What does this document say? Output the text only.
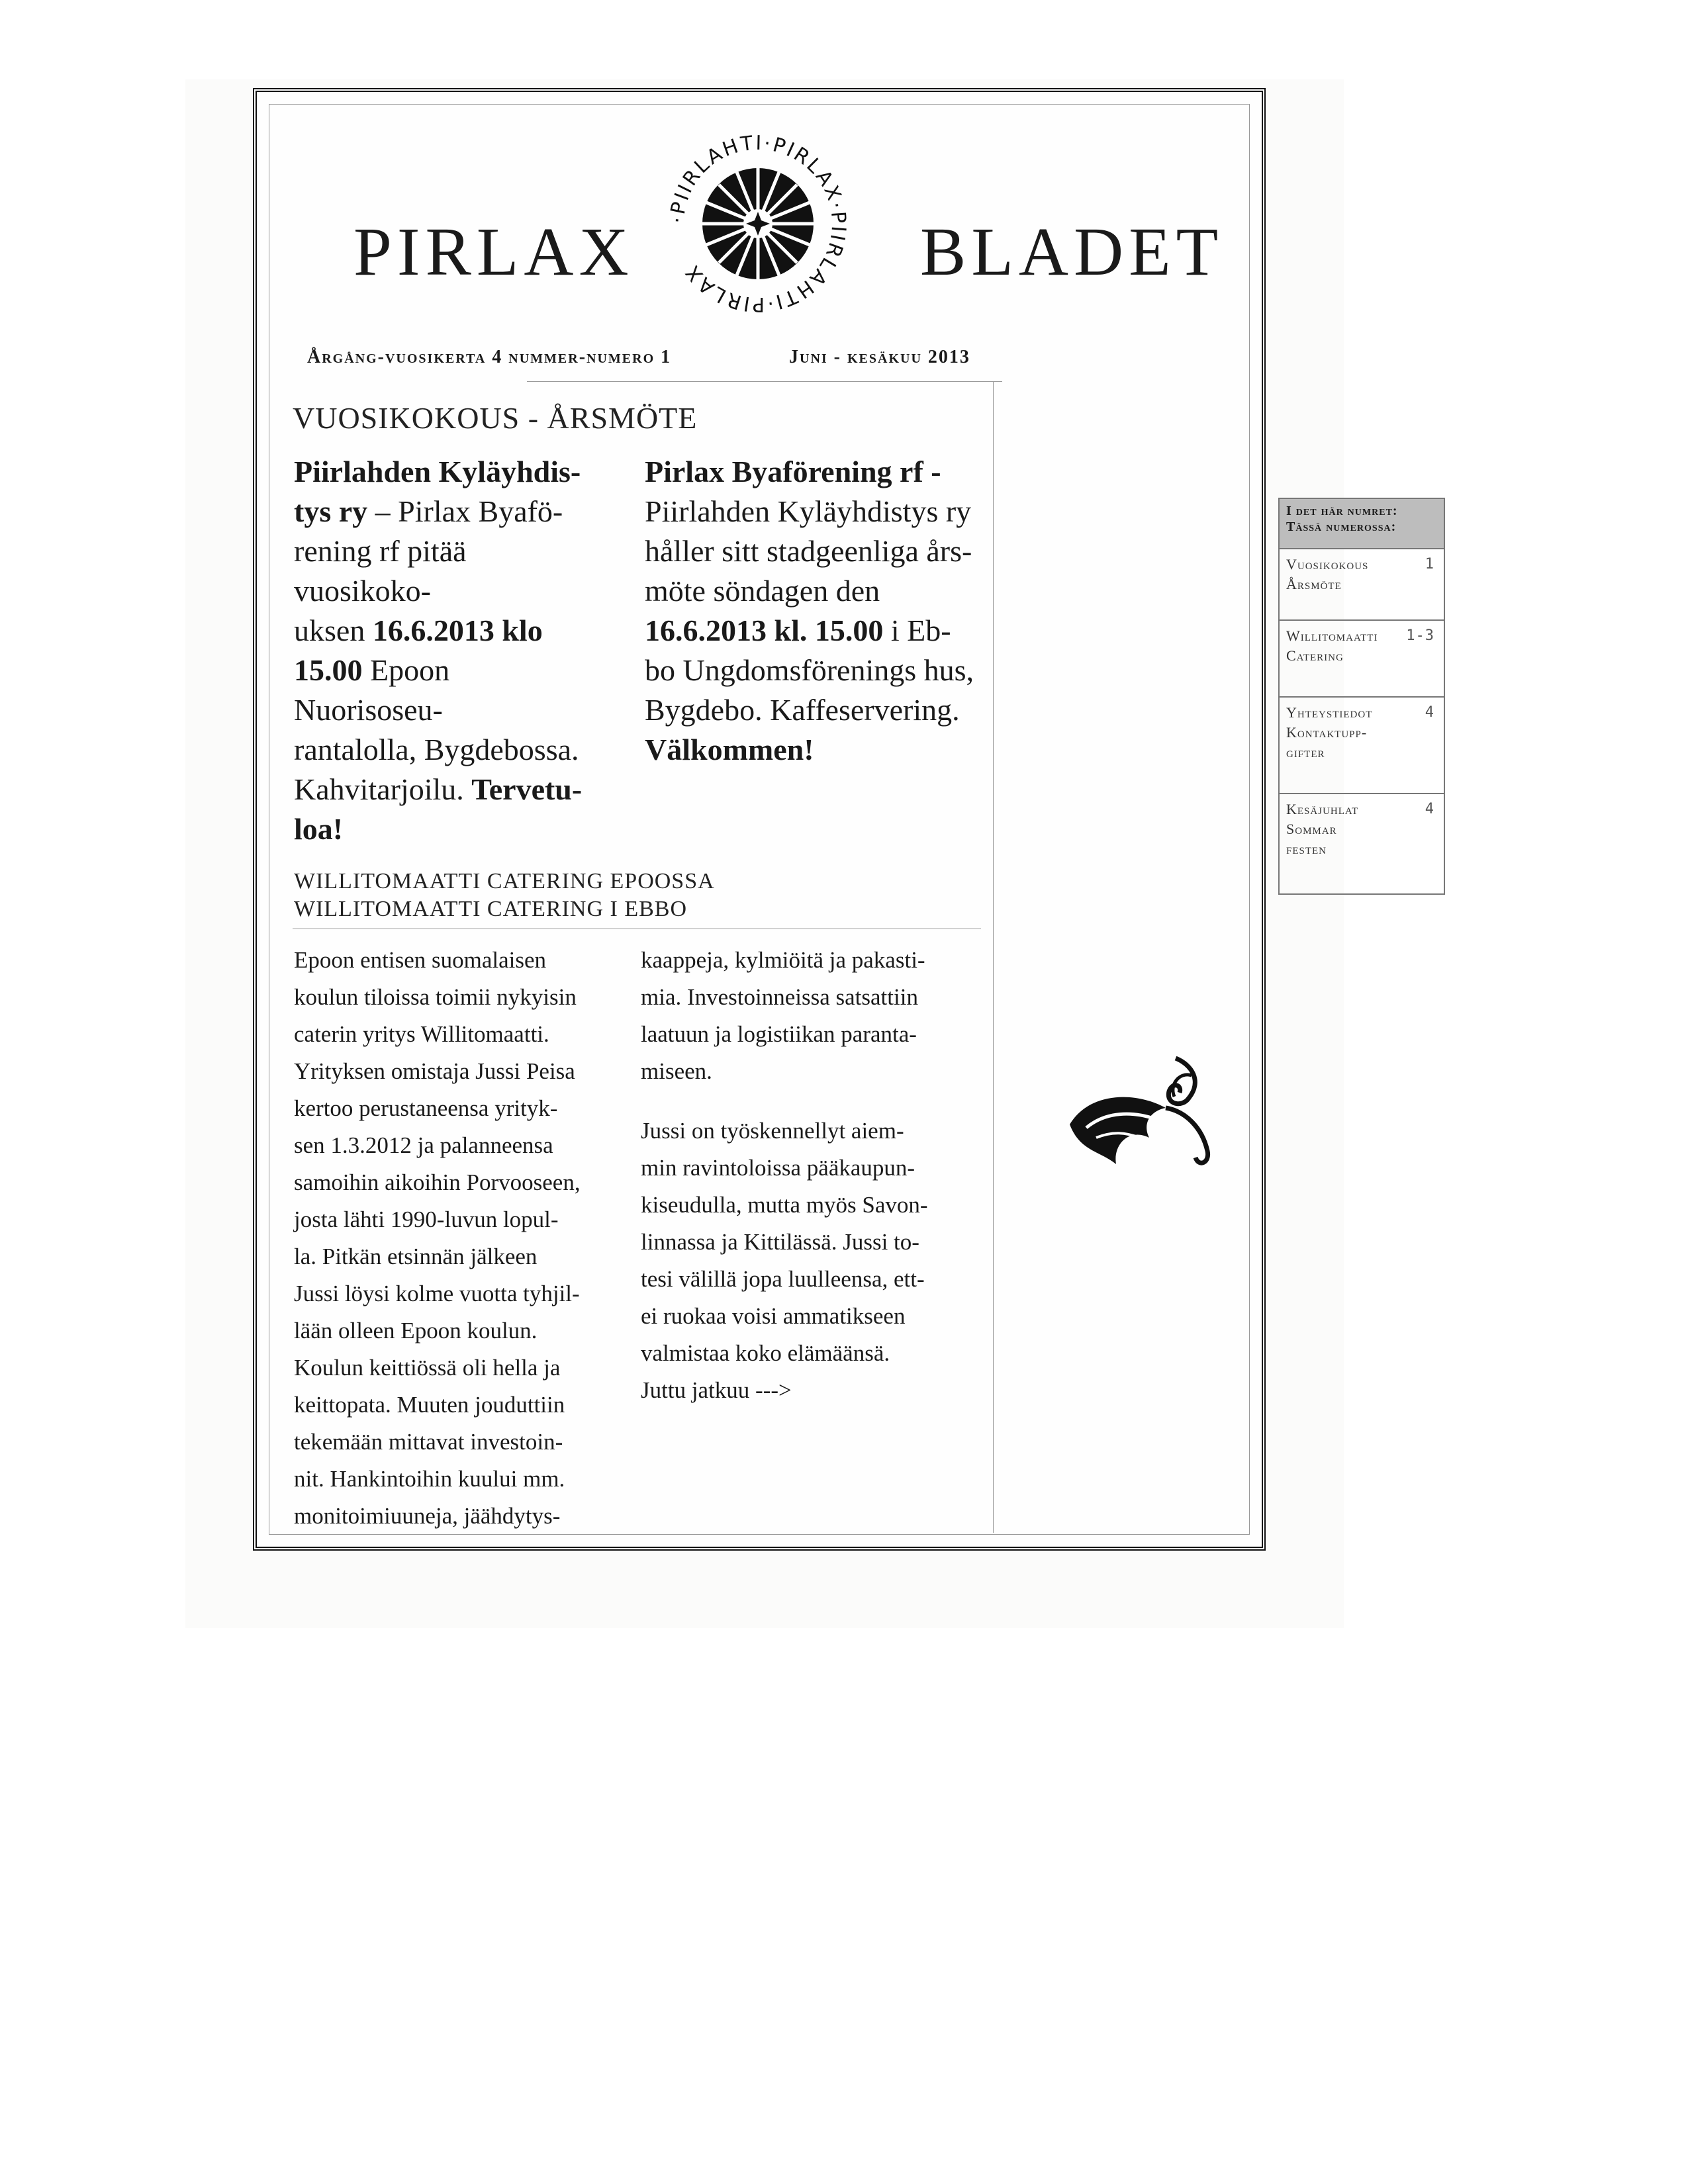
PIRLAX	BLADET
·PIIRLAHTI·PIRLAX·PIIRLAHTI·PIRLAX
Årgång-vuosikerta 4 nummer-numero 1	Juni - kesäkuu 2013
VUOSIKOKOUS - ÅRSMÖTE
Piirlahden Kyläyhdis-
tys ry – Pirlax Byafö-
rening rf pitää vuosikoko-
uksen 16.6.2013 klo
15.00 Epoon Nuorisoseu-
rantalolla, Bygdebossa.
Kahvitarjoilu. Tervetu-
loa!
Pirlax Byaförening rf -
Piirlahden Kyläyhdistys ry
håller sitt stadgeenliga års-
möte söndagen den
16.6.2013 kl. 15.00 i Eb-
bo Ungdomsförenings hus,
Bygdebo. Kaffeservering.
Välkommen!
I det här numret:
Tässä numerossa:
Vuosikokous
Årsmöte
1
Willitomaatti
Catering
1-3
Yhteystiedot
Kontaktupp-
gifter
4
Kesäjuhlat
Sommar
festen
4
WILLITOMAATTI CATERING EPOOSSA
WILLITOMAATTI CATERING I EBBO
Epoon entisen suomalaisen
koulun tiloissa toimii nykyisin
caterin yritys Willitomaatti.
Yrityksen omistaja Jussi Peisa
kertoo perustaneensa yrityk-
sen 1.3.2012 ja palanneensa
samoihin aikoihin Porvooseen,
josta lähti 1990-luvun lopul-
la. Pitkän etsinnän jälkeen
Jussi löysi kolme vuotta tyhjil-
lään olleen Epoon koulun.
Koulun keittiössä oli hella ja
keittopata. Muuten jouduttiin
tekemään mittavat investoin-
nit. Hankintoihin kuului mm.
monitoimiuuneja, jäähdytys-
kaappeja, kylmiöitä ja pakasti-
mia. Investoinneissa satsattiin
laatuun ja logistiikan paranta-
miseen.
Jussi on työskennellyt aiem-
min ravintoloissa pääkaupun-
kiseudulla, mutta myös Savon-
linnassa ja Kittilässä. Jussi to-
tesi välillä jopa luulleensa, ett-
ei ruokaa voisi ammatikseen
valmistaa koko elämäänsä.
Juttu jatkuu --->
